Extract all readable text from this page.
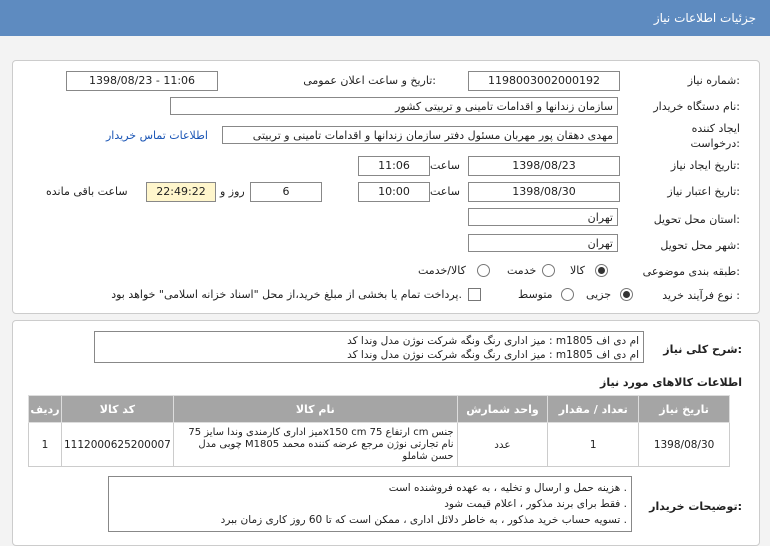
جزئیات اطلاعات نیاز
شماره نیاز:
1198003002000192
تاریخ و ساعت اعلان عمومی:
1398/08/23 - 11:06
نام دستگاه خریدار:
سازمان زندانها و اقدامات تامینی و تربیتی کشور
ایجاد کننده
درخواست:
مهدی دهقان پور مهربان مسئول دفتر سازمان زندانها و اقدامات تامینی و تربیتی
اطلاعات تماس خریدار
تاریخ ایجاد نیاز:
1398/08/23
ساعت
11:06
تاریخ اعتبار نیاز:
1398/08/30
ساعت
10:00
6
روز و
22:49:22
ساعت باقی مانده
استان محل تحویل:
تهران
شهر محل تحویل:
تهران
طبقه بندی موضوعی:
کالا
خدمت
کالا/خدمت
نوع فرآیند خرید :
جزیی
متوسط
پرداخت تمام یا بخشی از مبلغ خرید،از محل "اسناد خزانه اسلامی" خواهد بود.
شرح کلی نیاز:
میز اداری رنگ ونگه شرکت نوژن مدل وندا کد : m1805 ام دی اف
میز اداری رنگ ونگه شرکت نوژن مدل وندا کد : m1805 ام دی اف
اطلاعات کالاهای مورد نیاز
ردیف	کد کالا	نام کالا	واحد شمارش	تعداد / مقدار	تاریخ نیاز
1	1112000625200007	میز اداری کارمندی وندا سایز 75x150 cm ارتفاع 75 cm جنس چوبی مدل M1805 نام تجارتی نوژن مرجع عرضه کننده محمد حسن شاملو	عدد	1	1398/08/30
توضیحات خریدار:
هزینه حمل و ارسال و تخلیه ، به عهده فروشنده است .
فقط برای برند مذکور ، اعلام قیمت شود .
تسویه حساب خرید مذکور ، به خاطر دلائل اداری ، ممکن است که تا 60 روز کاری زمان ببرد .
